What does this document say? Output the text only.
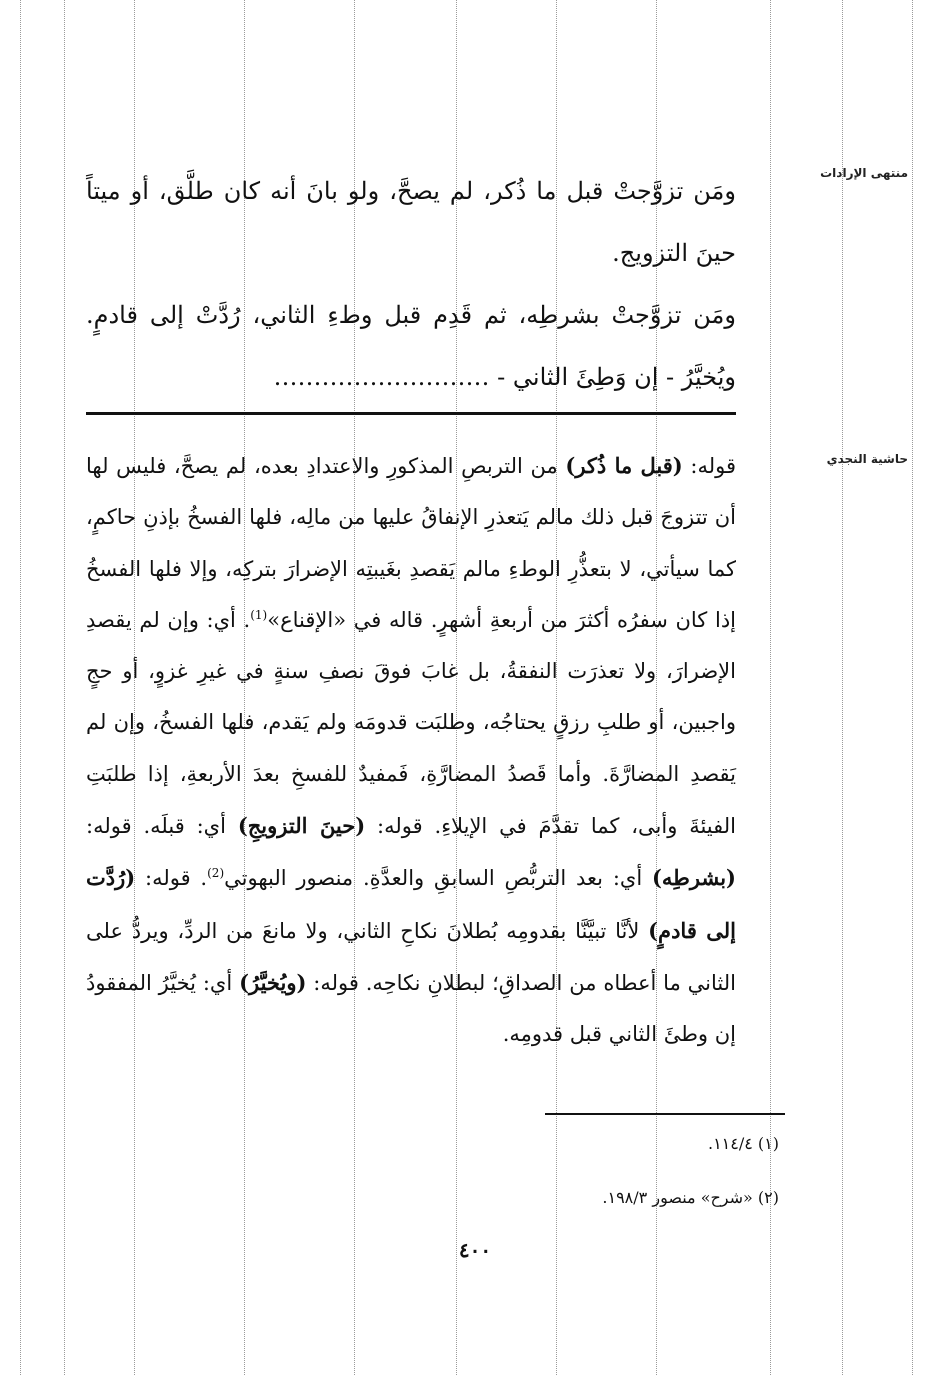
منتهى الإرادات
حاشية النجدي

ومَن تزوَّجتْ قبل ما ذُكر، لم يصحَّ، ولو بانَ أنه كان طلَّق، أو ميتاً حينَ التزويج.

ومَن تزوَّجتْ بشرطِه، ثم قَدِم قبل وطءِ الثاني، رُدَّتْ إلى قادمٍ. ويُخيَّرُ - إن وَطِئَ الثاني - ………………………

قوله: (قبل ما ذُكر) من التربصِ المذكورِ والاعتدادِ بعده، لم يصحَّ، فليس لها أن تتزوجَ قبل ذلك مالم يَتعذرِ الإنفاقُ عليها من مالِه، فلها الفسخُ بإذنِ حاكمٍ، كما سيأتي، لا بتعذُّرِ الوطءِ مالم يَقصدِ بغَيبتِه الإضرارَ بتركِه، وإلا فلها الفسخُ إذا كان سفرُه أكثرَ من أربعةِ أشهرٍ. قاله في «الإقناع»$^{(1)}$. أي: وإن لم يقصدِ الإضرارَ، ولا تعذرَت النفقةُ، بل غابَ فوقَ نصفِ سنةٍ في غيرِ غزوٍ، أو حجٍ واجبين، أو طلبِ رزقٍ يحتاجُه، وطلبَت قدومَه ولم يَقدم، فلها الفسخُ، وإن لم يَقصدِ المضارَّةَ. وأما قَصدُ المضارَّةِ، فَمفيدٌ للفسخِ بعدَ الأربعةِ، إذا طلبَتِ الفيئةَ وأبى، كما تقدَّمَ في الإيلاءِ. قوله: (حينَ التزويجِ) أي: قبلَه. قوله: (بشرطِه) أي: بعد التربُّصِ السابقِ والعدَّةِ. منصور البهوتي$^{(2)}$. قوله: (رُدَّت إلى قادمٍ) لأنَّا تبيَّنَّا بقدومِه بُطلانَ نكاحِ الثاني، ولا مانعَ من الردِّ، ويردُّ على الثاني ما أعطاه من الصداقِ؛ لبطلانِ نكاحِه. قوله: (ويُخيَّرُ) أي: يُخيَّرُ المفقودُ إن وطئَ الثاني قبل قدومِه.

(١) ١١٤/٤.

(٢) «شرح» منصور ١٩٨/٣.

٤٠٠
